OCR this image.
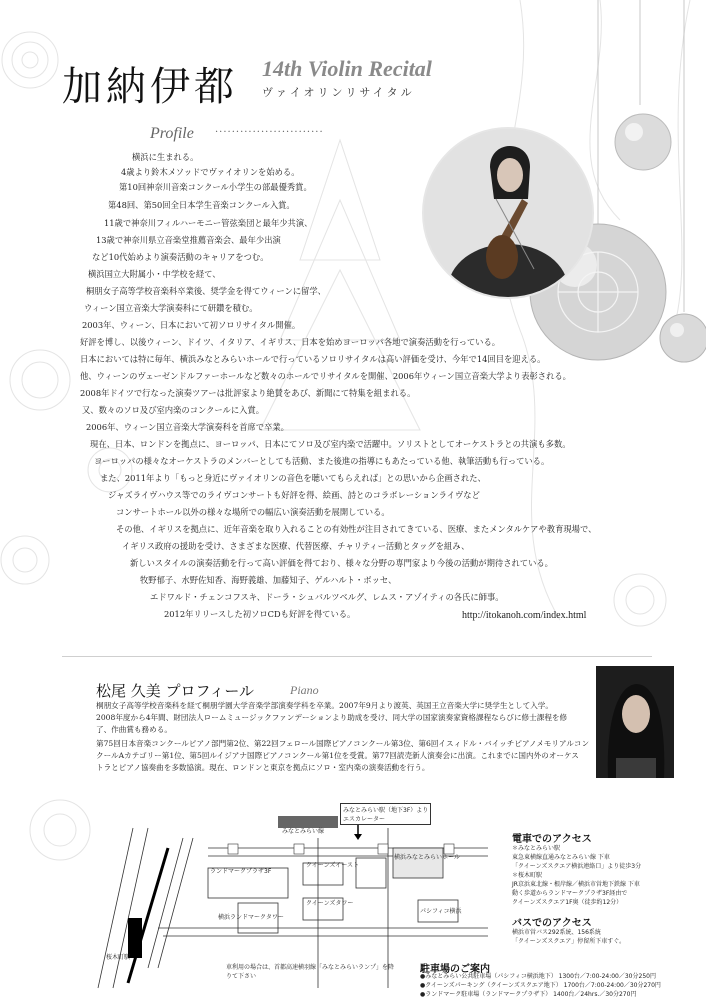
加納伊都 14th Violin Recital
ヴァイオリンリサイタル
Profile ··························
横浜に生まれる。
4歳より鈴木メソッドでヴァイオリンを始める。
第10回神奈川音楽コンクール小学生の部最優秀賞。
第48回、第50回全日本学生音楽コンクール入賞。
11歳で神奈川フィルハーモニー管弦楽団と最年少共演、
13歳で神奈川県立音楽堂推薦音楽会、最年少出演
など10代始めより演奏活動のキャリアをつむ。
横浜国立大附属小・中学校を経て、
桐朋女子高等学校音楽科卒業後、奨学金を得てウィーンに留学、
ウィーン国立音楽大学演奏科にて研鑽を積む。
2003年、ウィーン、日本において初ソロリサイタル開催。
好評を博し、以後ウィーン、ドイツ、イタリア、イギリス、日本を始めヨーロッパ各地で演奏活動を行っている。
日本においては特に毎年、横浜みなとみらいホールで行っているソロリサイタルは高い評価を受け、今年で14回目を迎える。
他、ウィーンのヴェーゼンドルファーホールなど数々のホールでリサイタルを開催、2006年ウィーン国立音楽大学より表彰される。
2008年ドイツで行なった演奏ツアーは批評家より絶賛をあび、新聞にて特集を組まれる。
又、数々のソロ及び室内楽のコンクールに入賞。
2006年、ウィーン国立音楽大学演奏科を首席で卒業。
現在、日本、ロンドンを拠点に、ヨーロッパ、日本にてソロ及び室内楽で活躍中。ソリストとしてオーケストラとの共演も多数。
ヨーロッパの様々なオーケストラのメンバーとしても活動、また後進の指導にもあたっている他、執筆活動も行っている。
また、2011年より「もっと身近にヴァイオリンの音色を聴いてもらえれば」との思いから企画された、
ジャズライヴハウス等でのライヴコンサートも好評を得、絵画、詩とのコラボレーションライヴなど
コンサートホール以外の様々な場所での幅広い演奏活動を展開している。
その他、イギリスを拠点に、近年音楽を取り入れることの有効性が注目されてきている、医療、またメンタルケアや教育現場で、
イギリス政府の援助を受け、さまざまな医療、代替医療、チャリティー活動とタッグを組み、
新しいスタイルの演奏活動を行って高い評価を得ており、様々な分野の専門家より今後の活動が期待されている。
牧野郁子、水野佐知香、海野義雄、加藤知子、ゲルハルト・ボッセ、
エドワルド・チェンコフスキ、ドーラ・シュバルツベルグ、レムス・アゾイティの各氏に師事。
2012年リリースした初ソロCDも好評を得ている。	http://itokanoh.com/index.html
松尾 久美 プロフィール	Piano
桐朋女子高等学校音楽科を経て桐朋学園大学音楽学部演奏学科を卒業。2007年9月より渡英、英国王立音楽大学に奨学生として入学。
2008年度から4年間、財団法人ロームミュージックファンデーションより助成を受け、同大学の国家演奏家資格課程ならびに修士課程を修
了、作曲賞も務める。
第75回日本音楽コンクールピアノ部門第2位、第22回フェロール国際ピアノコンクール第3位、第6回イスィドル・バイッチピアノメモリアルコン
クールAカテゴリー第1位、第5回ルイジアナ国際ピアノコンクール第1位を受賞。第77回読売新人演奏会に出演。これまでに国内外のオーケス
トラとピアノ協奏曲を多数協演。現在、ロンドンと東京を拠点にソロ・室内楽の演奏活動を行う。
みなとみらい線
みなとみらい駅（地下3F）より
エスカレーター
ランドマークプラザ3F
クイーンズイースト
クイーンズタワー
横浜みなとみらいホール
パシフィコ横浜
桜木町駅
横浜ランドマークタワー
車利用の場合は、首都高速横羽線「みなとみらいランプ」を降りて下さい
電車でのアクセス
＊みなとみらい駅
東急東横線直通みなとみらい線 下車
「クイーンズスクエア横浜連絡口」より徒歩3分
＊桜木町駅
JR京浜東北線・根岸線／横浜市営地下鉄線 下車
動く歩道からランドマークプラザ3F経由で
クイーンズスクエア1F奥（徒歩約12分）
バスでのアクセス
横浜市営バス292系統、156系統
「クイーンズスクエア」停留所下車すぐ。
駐車場のご案内
●みなとみらい公共駐車場（パシフィコ横浜地下） 1300台／7:00-24:00／30分250円
●クイーンズパーキング（クイーンズスクエア地下） 1700台／7:00-24:00／30分270円
●ランドマーク駐車場（ランドマークプラザ下） 1400台／24hrs.／30分270円
